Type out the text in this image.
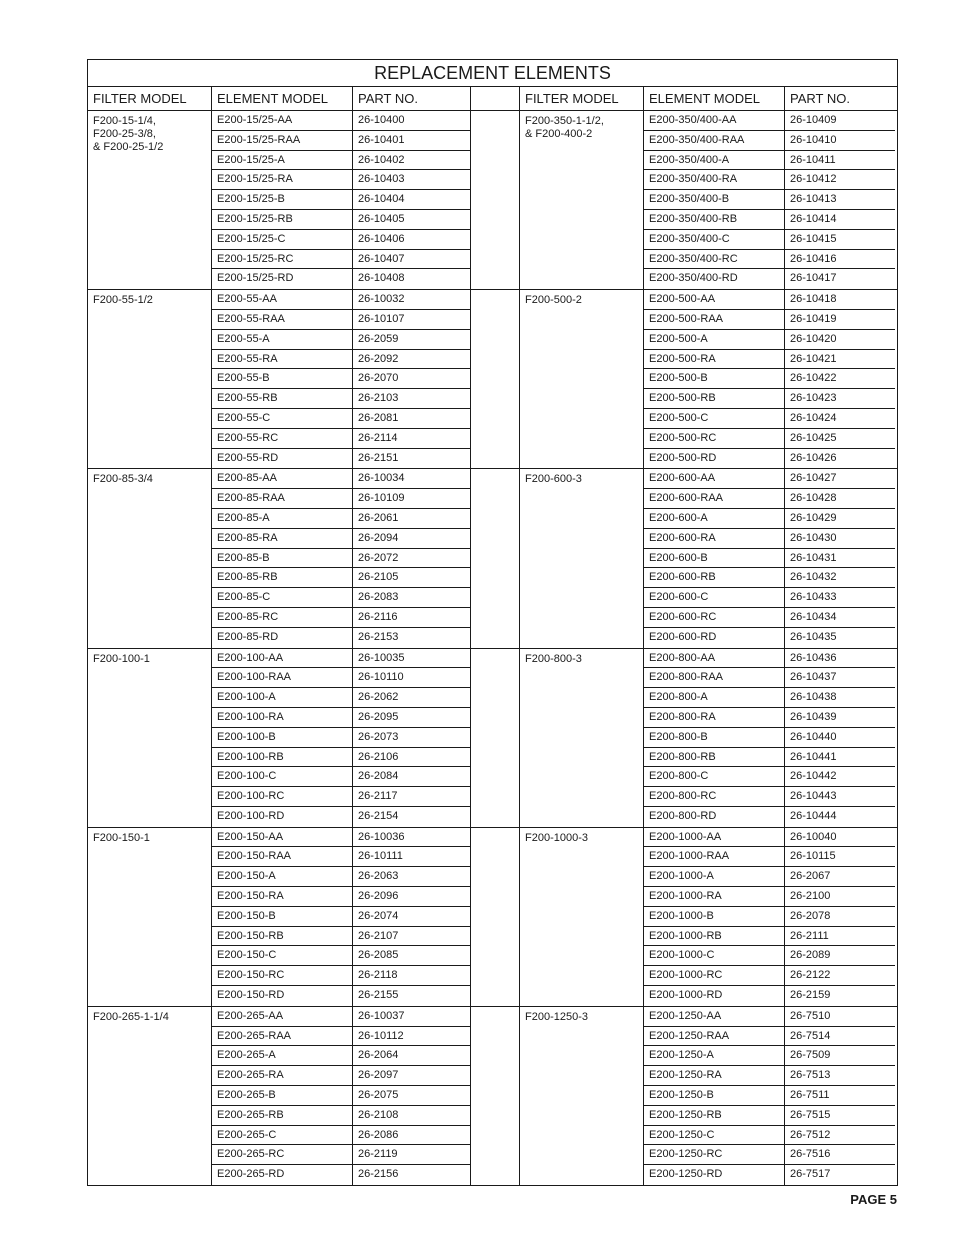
REPLACEMENT ELEMENTS
FILTER MODEL	ELEMENT MODEL	PART NO.	FILTER MODEL	ELEMENT MODEL	PART NO.
F200-15-1/4,
F200-25-3/8,
& F200-25-1/2
E200-15/25-AA	26-10400
E200-15/25-RAA	26-10401
E200-15/25-A	26-10402
E200-15/25-RA	26-10403
E200-15/25-B	26-10404
E200-15/25-RB	26-10405
E200-15/25-C	26-10406
E200-15/25-RC	26-10407
E200-15/25-RD	26-10408
F200-350-1-1/2,
& F200-400-2
E200-350/400-AA	26-10409
E200-350/400-RAA	26-10410
E200-350/400-A	26-10411
E200-350/400-RA	26-10412
E200-350/400-B	26-10413
E200-350/400-RB	26-10414
E200-350/400-C	26-10415
E200-350/400-RC	26-10416
E200-350/400-RD	26-10417
F200-55-1/2	E200-55-AA	26-10032
E200-55-RAA	26-10107
E200-55-A	26-2059
E200-55-RA	26-2092
E200-55-B	26-2070
E200-55-RB	26-2103
E200-55-C	26-2081
E200-55-RC	26-2114
E200-55-RD	26-2151
F200-500-2	E200-500-AA	26-10418
E200-500-RAA	26-10419
E200-500-A	26-10420
E200-500-RA	26-10421
E200-500-B	26-10422
E200-500-RB	26-10423
E200-500-C	26-10424
E200-500-RC	26-10425
E200-500-RD	26-10426
F200-85-3/4	E200-85-AA	26-10034
E200-85-RAA	26-10109
E200-85-A	26-2061
E200-85-RA	26-2094
E200-85-B	26-2072
E200-85-RB	26-2105
E200-85-C	26-2083
E200-85-RC	26-2116
E200-85-RD	26-2153
F200-600-3	E200-600-AA	26-10427
E200-600-RAA	26-10428
E200-600-A	26-10429
E200-600-RA	26-10430
E200-600-B	26-10431
E200-600-RB	26-10432
E200-600-C	26-10433
E200-600-RC	26-10434
E200-600-RD	26-10435
F200-100-1	E200-100-AA	26-10035
E200-100-RAA	26-10110
E200-100-A	26-2062
E200-100-RA	26-2095
E200-100-B	26-2073
E200-100-RB	26-2106
E200-100-C	26-2084
E200-100-RC	26-2117
E200-100-RD	26-2154
F200-800-3	E200-800-AA	26-10436
E200-800-RAA	26-10437
E200-800-A	26-10438
E200-800-RA	26-10439
E200-800-B	26-10440
E200-800-RB	26-10441
E200-800-C	26-10442
E200-800-RC	26-10443
E200-800-RD	26-10444
F200-150-1	E200-150-AA	26-10036
E200-150-RAA	26-10111
E200-150-A	26-2063
E200-150-RA	26-2096
E200-150-B	26-2074
E200-150-RB	26-2107
E200-150-C	26-2085
E200-150-RC	26-2118
E200-150-RD	26-2155
F200-1000-3	E200-1000-AA	26-10040
E200-1000-RAA	26-10115
E200-1000-A	26-2067
E200-1000-RA	26-2100
E200-1000-B	26-2078
E200-1000-RB	26-2111
E200-1000-C	26-2089
E200-1000-RC	26-2122
E200-1000-RD	26-2159
F200-265-1-1/4	E200-265-AA	26-10037
E200-265-RAA	26-10112
E200-265-A	26-2064
E200-265-RA	26-2097
E200-265-B	26-2075
E200-265-RB	26-2108
E200-265-C	26-2086
E200-265-RC	26-2119
E200-265-RD	26-2156
F200-1250-3	E200-1250-AA	26-7510
E200-1250-RAA	26-7514
E200-1250-A	26-7509
E200-1250-RA	26-7513
E200-1250-B	26-7511
E200-1250-RB	26-7515
E200-1250-C	26-7512
E200-1250-RC	26-7516
E200-1250-RD	26-7517
PAGE 5
